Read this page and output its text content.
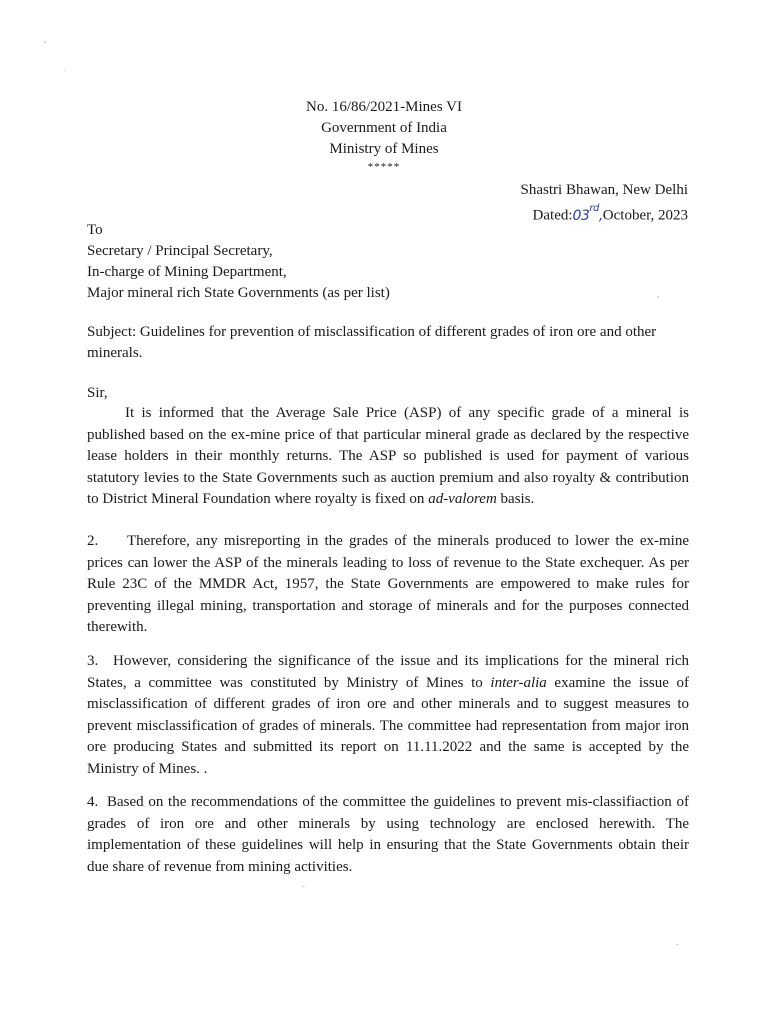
No. 16/86/2021-Mines VI
Government of India
Ministry of Mines
*****
Shastri Bhawan, New Delhi
Dated:03rd,October, 2023
To
Secretary / Principal Secretary,
In-charge of Mining Department,
Major mineral rich State Governments (as per list)
Subject: Guidelines for prevention of misclassification of different grades of iron ore and other minerals.
Sir,
It is informed that the Average Sale Price (ASP) of any specific grade of a mineral is published based on the ex-mine price of that particular mineral grade as declared by the respective lease holders in their monthly returns. The ASP so published is used for payment of various statutory levies to the State Governments such as auction premium and also royalty & contribution to District Mineral Foundation where royalty is fixed on ad-valorem basis.
2. Therefore, any misreporting in the grades of the minerals produced to lower the ex-mine prices can lower the ASP of the minerals leading to loss of revenue to the State exchequer. As per Rule 23C of the MMDR Act, 1957, the State Governments are empowered to make rules for preventing illegal mining, transportation and storage of minerals and for the purposes connected therewith.
3. However, considering the significance of the issue and its implications for the mineral rich States, a committee was constituted by Ministry of Mines to inter-alia examine the issue of misclassification of different grades of iron ore and other minerals and to suggest measures to prevent misclassification of grades of minerals. The committee had representation from major iron ore producing States and submitted its report on 11.11.2022 and the same is accepted by the Ministry of Mines. .
4. Based on the recommendations of the committee the guidelines to prevent mis-classifiaction of grades of iron ore and other minerals by using technology are enclosed herewith. The implementation of these guidelines will help in ensuring that the State Governments obtain their due share of revenue from mining activities.
